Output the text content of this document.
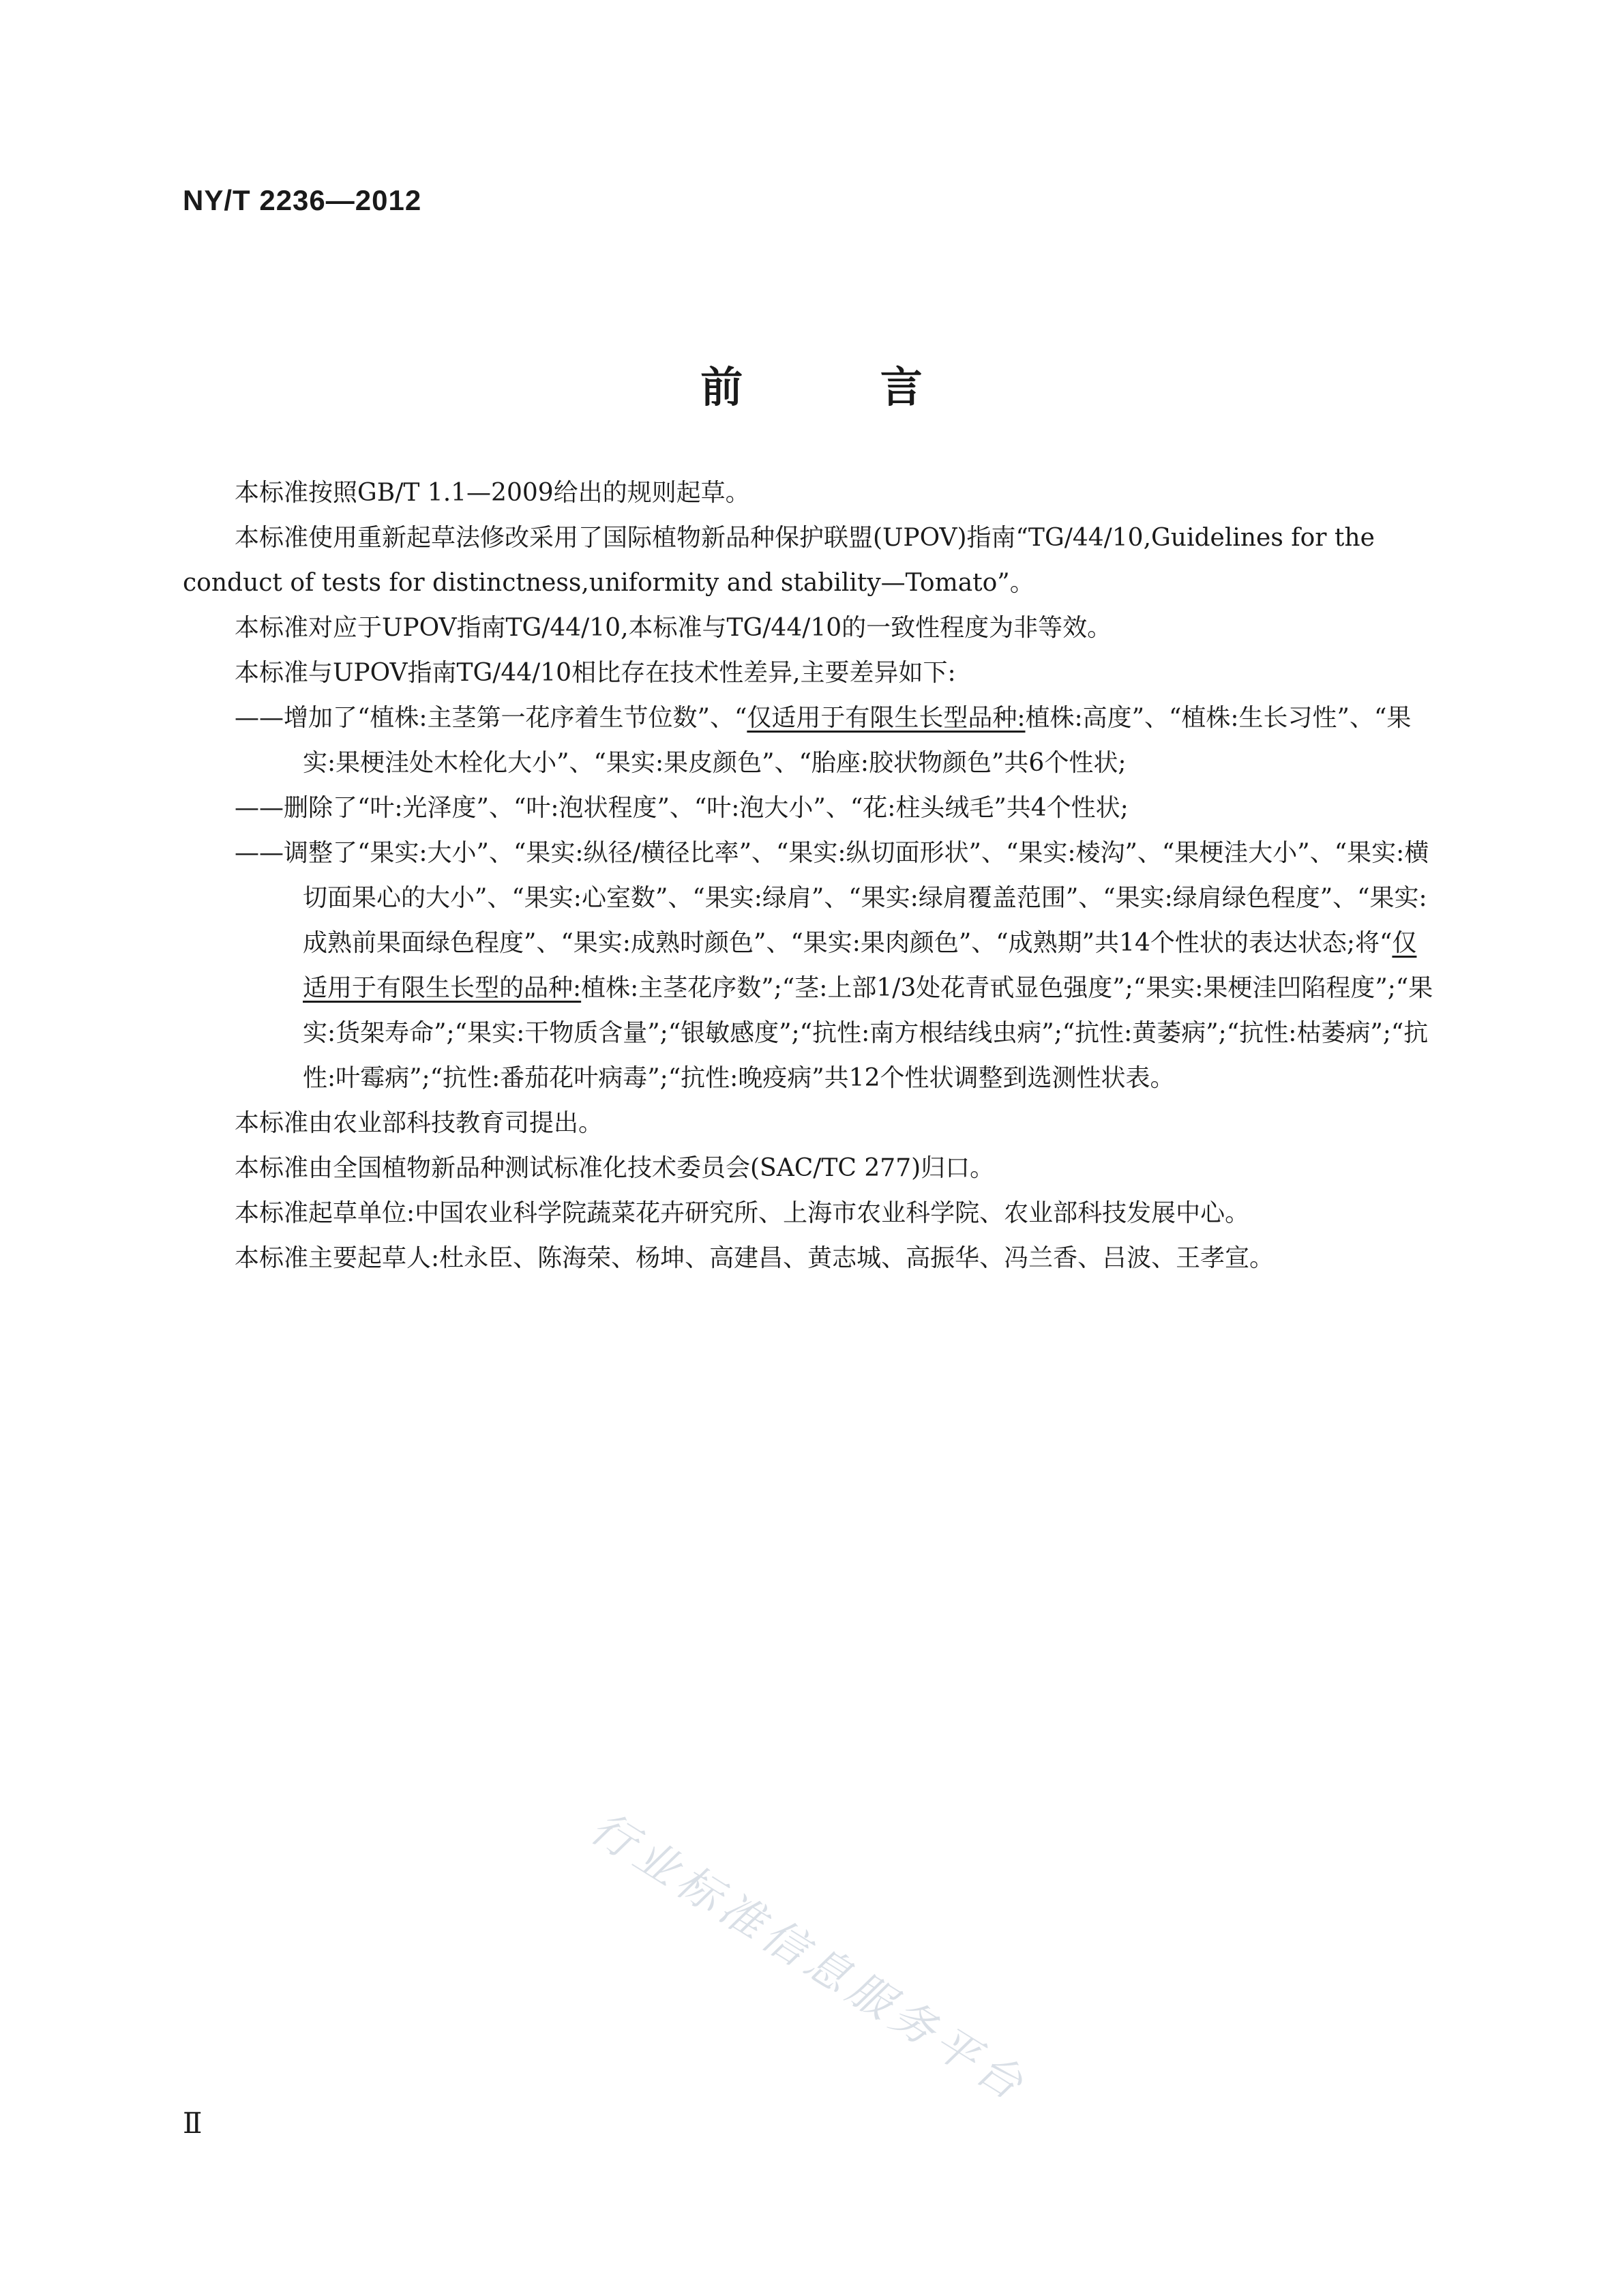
NY/T 2236—2012
前 言

本标准按照GB/T 1.1—2009给出的规则起草。

本标准使用重新起草法修改采用了国际植物新品种保护联盟(UPOV)指南“TG/44/10,Guidelines for the conduct of tests for distinctness,uniformity and stability—Tomato”。

本标准对应于UPOV指南TG/44/10,本标准与TG/44/10的一致性程度为非等效。

本标准与UPOV指南TG/44/10相比存在技术性差异,主要差异如下:

——增加了“植株:主茎第一花序着生节位数”、“仅适用于有限生长型品种:植株:高度”、“植株:生长习性”、“果实:果梗洼处木栓化大小”、“果实:果皮颜色”、“胎座:胶状物颜色”共6个性状;

——删除了“叶:光泽度”、“叶:泡状程度”、“叶:泡大小”、“花:柱头绒毛”共4个性状;

——调整了“果实:大小”、“果实:纵径/横径比率”、“果实:纵切面形状”、“果实:棱沟”、“果梗洼大小”、“果实:横切面果心的大小”、“果实:心室数”、“果实:绿肩”、“果实:绿肩覆盖范围”、“果实:绿肩绿色程度”、“果实:成熟前果面绿色程度”、“果实:成熟时颜色”、“果实:果肉颜色”、“成熟期”共14个性状的表达状态;将“仅适用于有限生长型的品种:植株:主茎花序数”;“茎:上部1/3处花青甙显色强度”;“果实:果梗洼凹陷程度”;“果实:货架寿命”;“果实:干物质含量”;“银敏感度”;“抗性:南方根结线虫病”;“抗性:黄萎病”;“抗性:枯萎病”;“抗性:叶霉病”;“抗性:番茄花叶病毒”;“抗性:晚疫病”共12个性状调整到选测性状表。

本标准由农业部科技教育司提出。

本标准由全国植物新品种测试标准化技术委员会(SAC/TC 277)归口。

本标准起草单位:中国农业科学院蔬菜花卉研究所、上海市农业科学院、农业部科技发展中心。

本标准主要起草人:杜永臣、陈海荣、杨坤、高建昌、黄志城、高振华、冯兰香、吕波、王孝宣。

行业标准信息服务平台
Ⅱ
